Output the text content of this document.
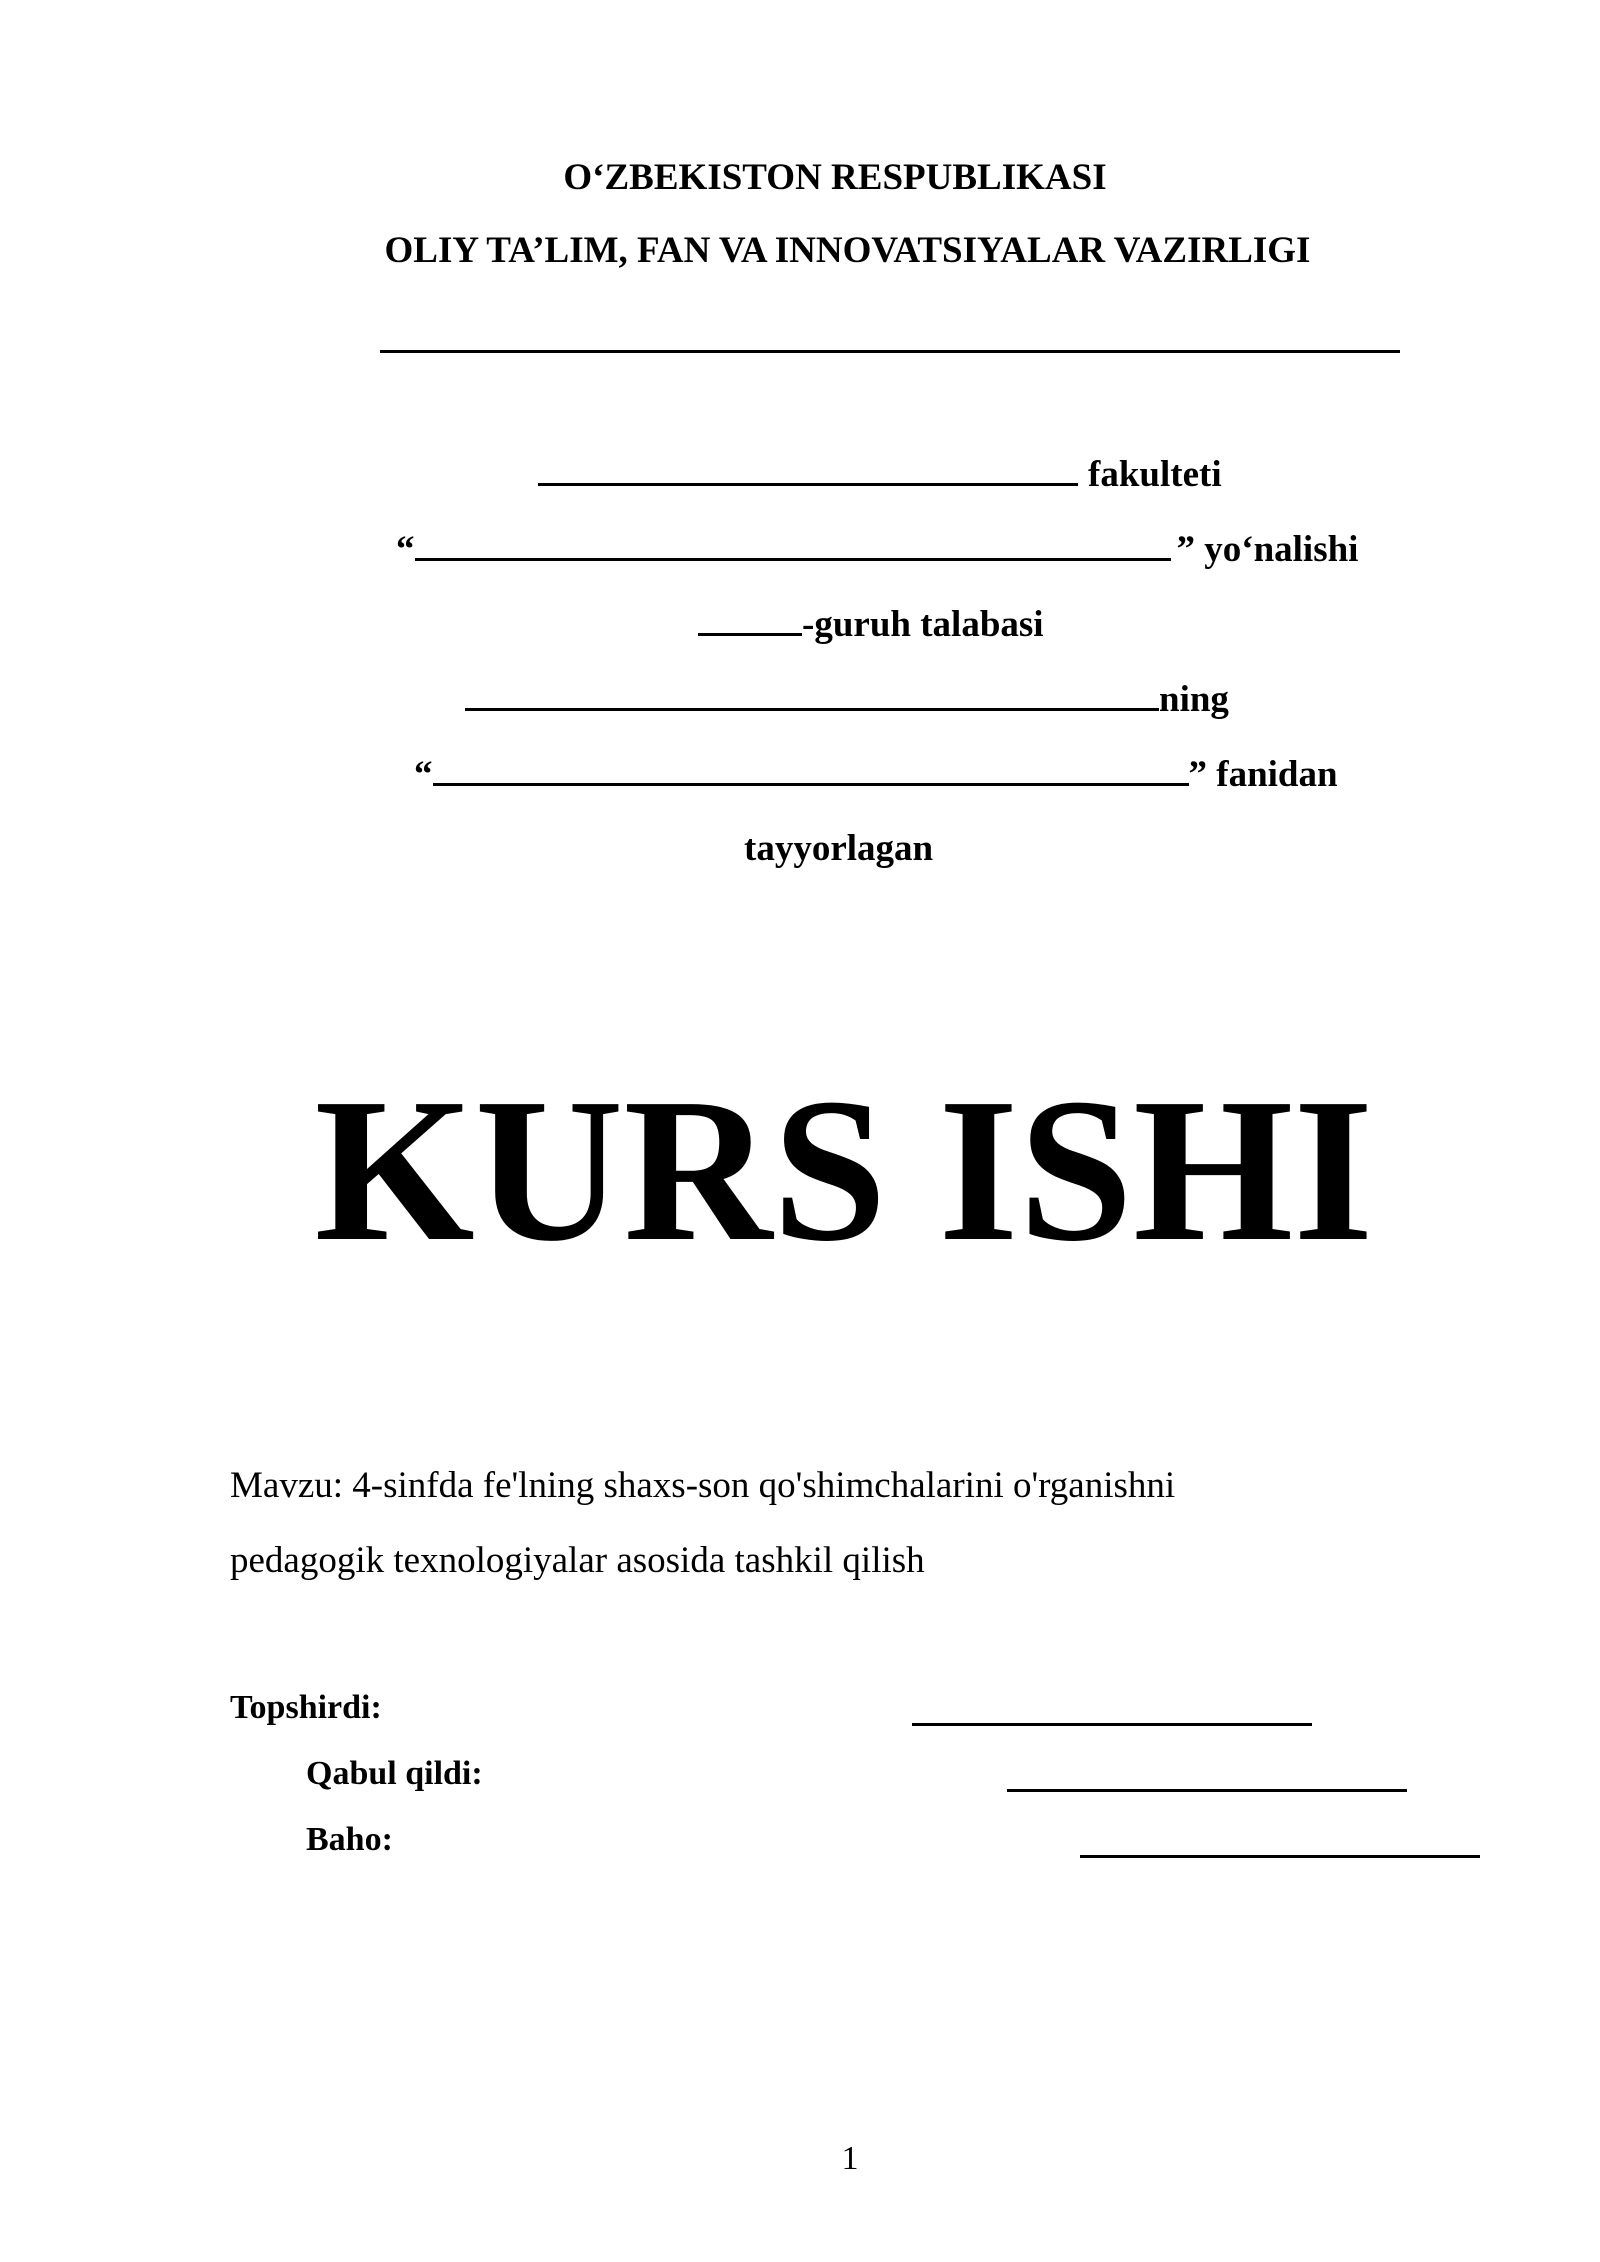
O‘ZBEKISTON RESPUBLIKASI
OLIY TA’LIM, FAN VA INNOVATSIYALAR VAZIRLIGI
fakulteti
“	” yo‘nalishi
-guruh talabasi
ning
“	” fanidan
tayyorlagan
KURS ISHI
Mavzu: 4-sinfda fe'lning shaxs-son qo'shimchalarini o'rganishni
pedagogik texnologiyalar asosida tashkil qilish
Topshirdi:
Qabul qildi:
Baho:
1
